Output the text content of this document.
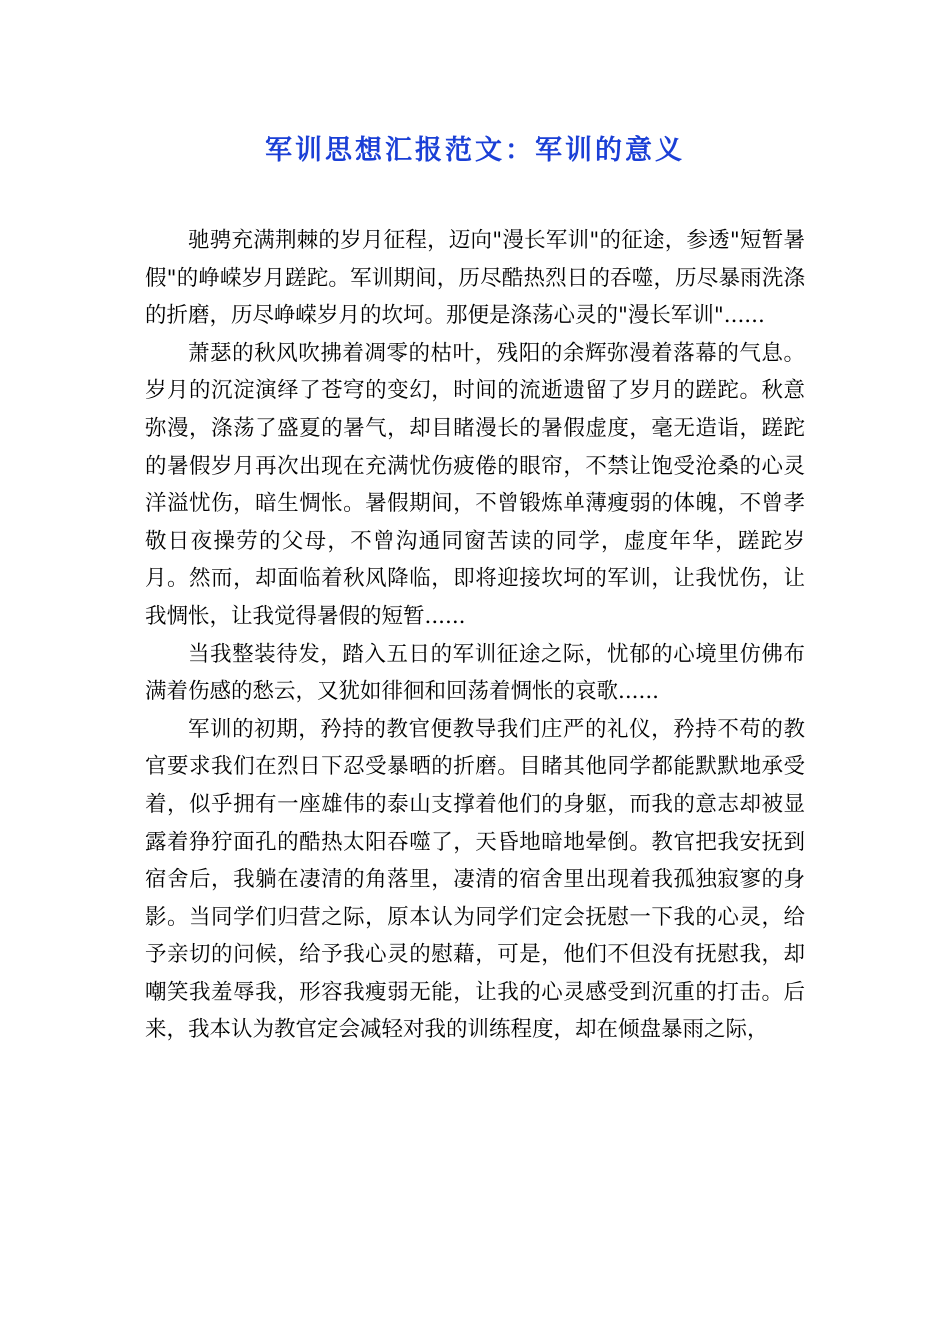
军训思想汇报范文：军训的意义

驰骋充满荆棘的岁月征程，迈向"漫长军训"的征途，参透"短暂暑假"的峥嵘岁月蹉跎。军训期间，历尽酷热烈日的吞噬，历尽暴雨洗涤的折磨，历尽峥嵘岁月的坎坷。那便是涤荡心灵的"漫长军训"......

萧瑟的秋风吹拂着凋零的枯叶，残阳的余辉弥漫着落幕的气息。岁月的沉淀演绎了苍穹的变幻，时间的流逝遗留了岁月的蹉跎。秋意弥漫，涤荡了盛夏的暑气，却目睹漫长的暑假虚度，毫无造诣，蹉跎的暑假岁月再次出现在充满忧伤疲倦的眼帘，不禁让饱受沧桑的心灵洋溢忧伤，暗生惆怅。暑假期间，不曾锻炼单薄瘦弱的体魄，不曾孝敬日夜操劳的父母，不曾沟通同窗苦读的同学，虚度年华，蹉跎岁月。然而，却面临着秋风降临，即将迎接坎坷的军训，让我忧伤，让我惆怅，让我觉得暑假的短暂......

当我整装待发，踏入五日的军训征途之际，忧郁的心境里仿佛布满着伤感的愁云，又犹如徘徊和回荡着惆怅的哀歌......

军训的初期，矜持的教官便教导我们庄严的礼仪，矜持不苟的教官要求我们在烈日下忍受暴晒的折磨。目睹其他同学都能默默地承受着，似乎拥有一座雄伟的泰山支撑着他们的身躯，而我的意志却被显露着狰狞面孔的酷热太阳吞噬了，天昏地暗地晕倒。教官把我安抚到宿舍后，我躺在凄清的角落里，凄清的宿舍里出现着我孤独寂寥的身影。当同学们归营之际，原本认为同学们定会抚慰一下我的心灵，给予亲切的问候，给予我心灵的慰藉，可是，他们不但没有抚慰我，却嘲笑我羞辱我，形容我瘦弱无能，让我的心灵感受到沉重的打击。后来，我本认为教官定会减轻对我的训练程度，却在倾盘暴雨之际，
